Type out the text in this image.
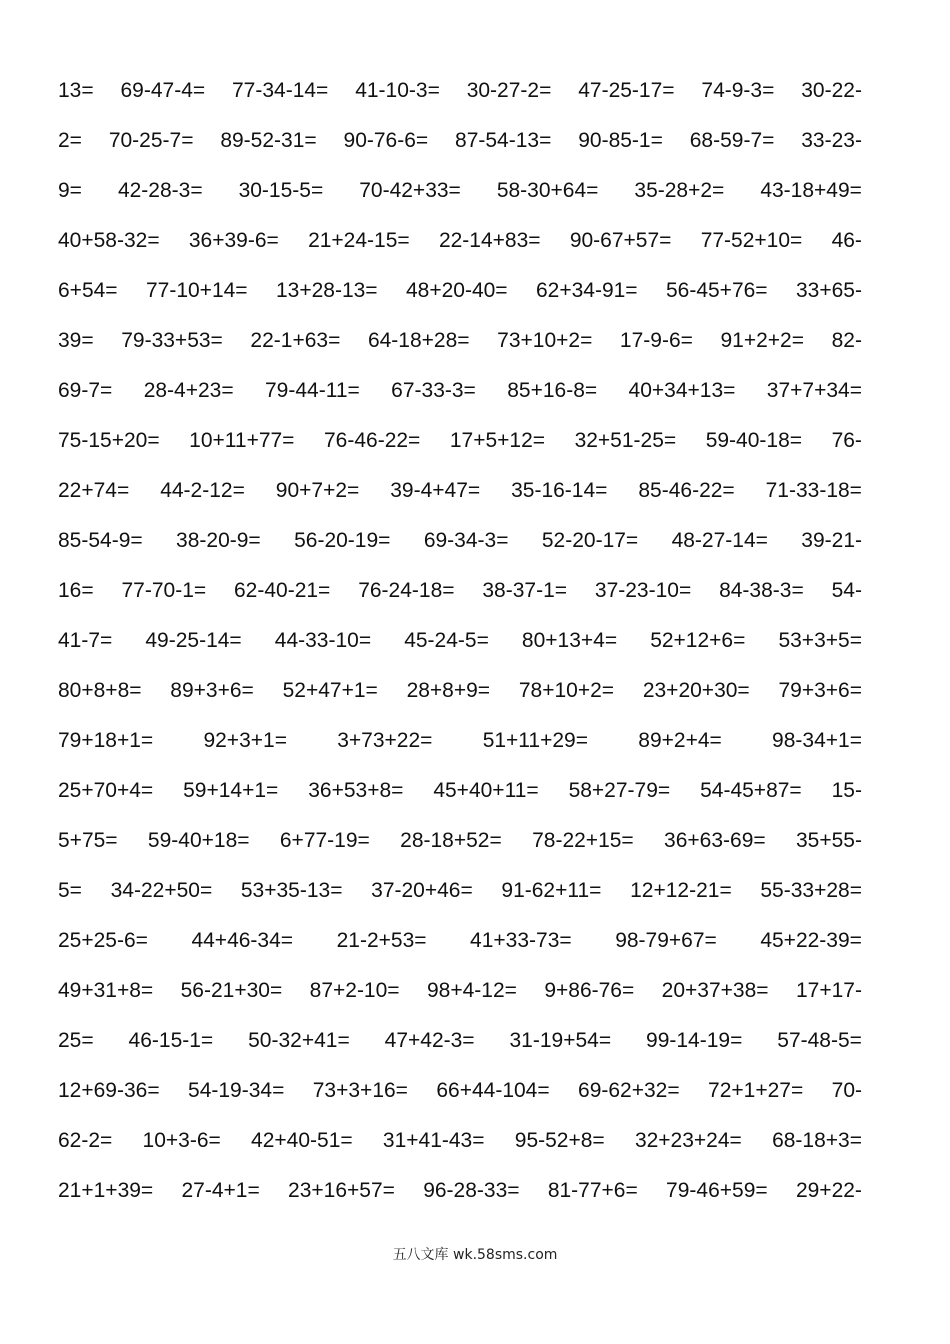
13= 69-47-4= 77-34-14= 41-10-3= 30-27-2= 47-25-17= 74-9-3= 30-22-
2= 70-25-7= 89-52-31= 90-76-6= 87-54-13= 90-85-1= 68-59-7= 33-23-
9= 42-28-3= 30-15-5= 70-42+33= 58-30+64= 35-28+2= 43-18+49=
40+58-32= 36+39-6= 21+24-15= 22-14+83= 90-67+57= 77-52+10= 46-
6+54= 77-10+14= 13+28-13= 48+20-40= 62+34-91= 56-45+76= 33+65-
39= 79-33+53= 22-1+63= 64-18+28= 73+10+2= 17-9-6= 91+2+2= 82-
69-7= 28-4+23= 79-44-11= 67-33-3= 85+16-8= 40+34+13= 37+7+34=
75-15+20= 10+11+77= 76-46-22= 17+5+12= 32+51-25= 59-40-18= 76-
22+74= 44-2-12= 90+7+2= 39-4+47= 35-16-14= 85-46-22= 71-33-18=
85-54-9= 38-20-9= 56-20-19= 69-34-3= 52-20-17= 48-27-14= 39-21-
16= 77-70-1= 62-40-21= 76-24-18= 38-37-1= 37-23-10= 84-38-3= 54-
41-7= 49-25-14= 44-33-10= 45-24-5= 80+13+4= 52+12+6= 53+3+5=
80+8+8= 89+3+6= 52+47+1= 28+8+9= 78+10+2= 23+20+30= 79+3+6=
79+18+1= 92+3+1= 3+73+22= 51+11+29= 89+2+4= 98-34+1=
25+70+4= 59+14+1= 36+53+8= 45+40+11= 58+27-79= 54-45+87= 15-
5+75= 59-40+18= 6+77-19= 28-18+52= 78-22+15= 36+63-69= 35+55-
5= 34-22+50= 53+35-13= 37-20+46= 91-62+11= 12+12-21= 55-33+28=
25+25-6= 44+46-34= 21-2+53= 41+33-73= 98-79+67= 45+22-39=
49+31+8= 56-21+30= 87+2-10= 98+4-12= 9+86-76= 20+37+38= 17+17-
25= 46-15-1= 50-32+41= 47+42-3= 31-19+54= 99-14-19= 57-48-5=
12+69-36= 54-19-34= 73+3+16= 66+44-104= 69-62+32= 72+1+27= 70-
62-2= 10+3-6= 42+40-51= 31+41-43= 95-52+8= 32+23+24= 68-18+3=
21+1+39= 27-4+1= 23+16+57= 96-28-33= 81-77+6= 79-46+59= 29+22-
五八文库 wk.58sms.com
